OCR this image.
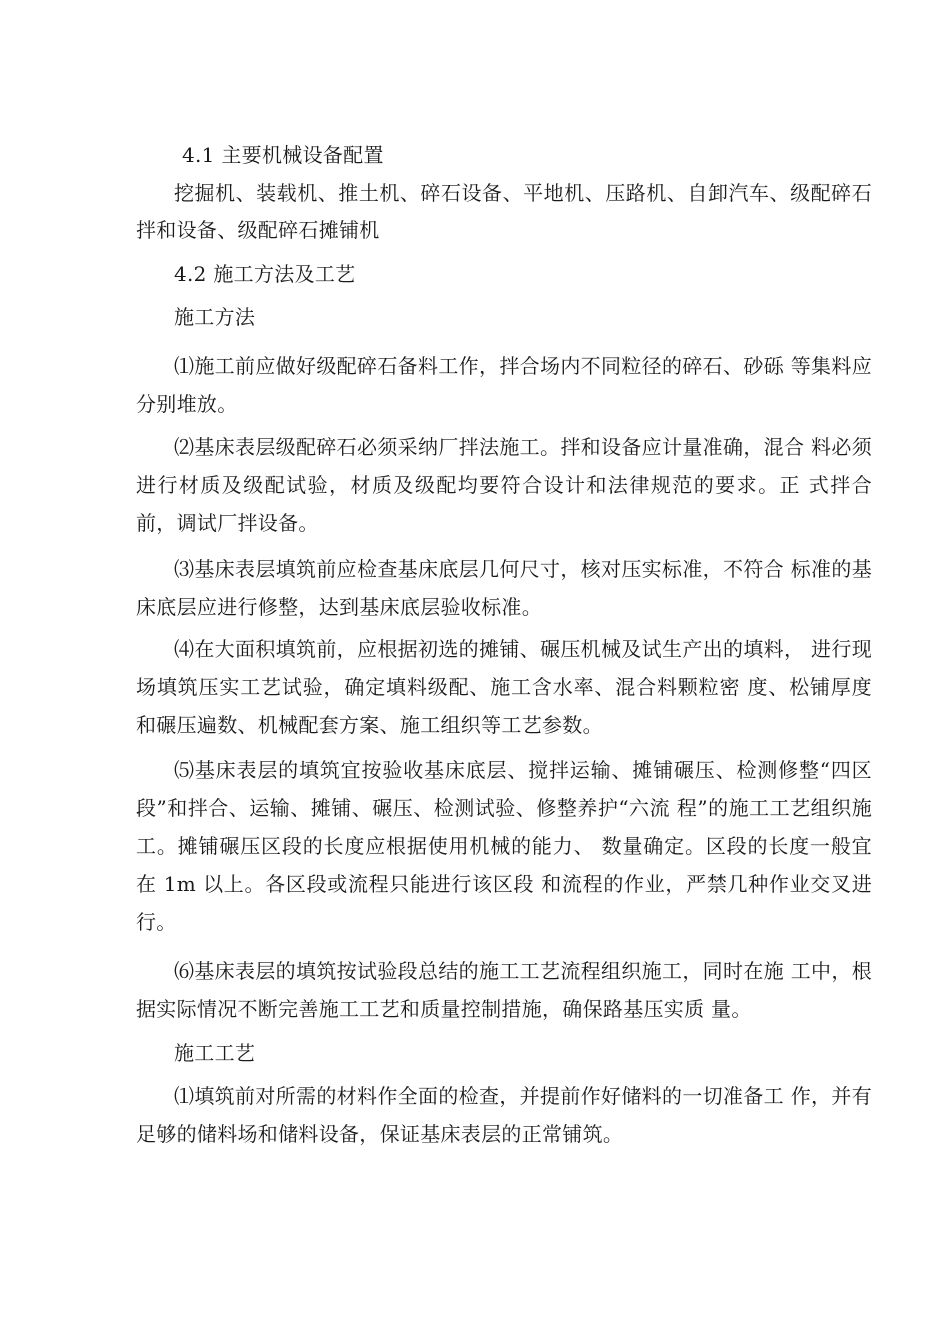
4.1 主要机械设备配置

挖掘机、装载机、推土机、碎石设备、平地机、压路机、自卸汽车、级配碎石拌和设备、级配碎石摊铺机

4.2 施工方法及工艺

施工方法

⑴施工前应做好级配碎石备料工作，拌合场内不同粒径的碎石、砂砾 等集料应分别堆放。

⑵基床表层级配碎石必须采纳厂拌法施工。拌和设备应计量准确，混合 料必须进行材质及级配试验，材质及级配均要符合设计和法律规范的要求。正 式拌合前，调试厂拌设备。

⑶基床表层填筑前应检查基床底层几何尺寸，核对压实标准，不符合 标准的基床底层应进行修整，达到基床底层验收标准。

⑷在大面积填筑前，应根据初选的摊铺、碾压机械及试生产出的填料， 进行现场填筑压实工艺试验，确定填料级配、施工含水率、混合料颗粒密 度、松铺厚度和碾压遍数、机械配套方案、施工组织等工艺参数。

⑸基床表层的填筑宜按验收基床底层、搅拌运输、摊铺碾压、检测修整“四区段”和拌合、运输、摊铺、碾压、检测试验、修整养护“六流 程”的施工工艺组织施工。摊铺碾压区段的长度应根据使用机械的能力、 数量确定。区段的长度一般宜在 1m 以上。各区段或流程只能进行该区段 和流程的作业，严禁几种作业交叉进行。

⑹基床表层的填筑按试验段总结的施工工艺流程组织施工，同时在施 工中，根据实际情况不断完善施工工艺和质量控制措施，确保路基压实质 量。

施工工艺

⑴填筑前对所需的材料作全面的检查，并提前作好储料的一切准备工 作，并有足够的储料场和储料设备，保证基床表层的正常铺筑。
